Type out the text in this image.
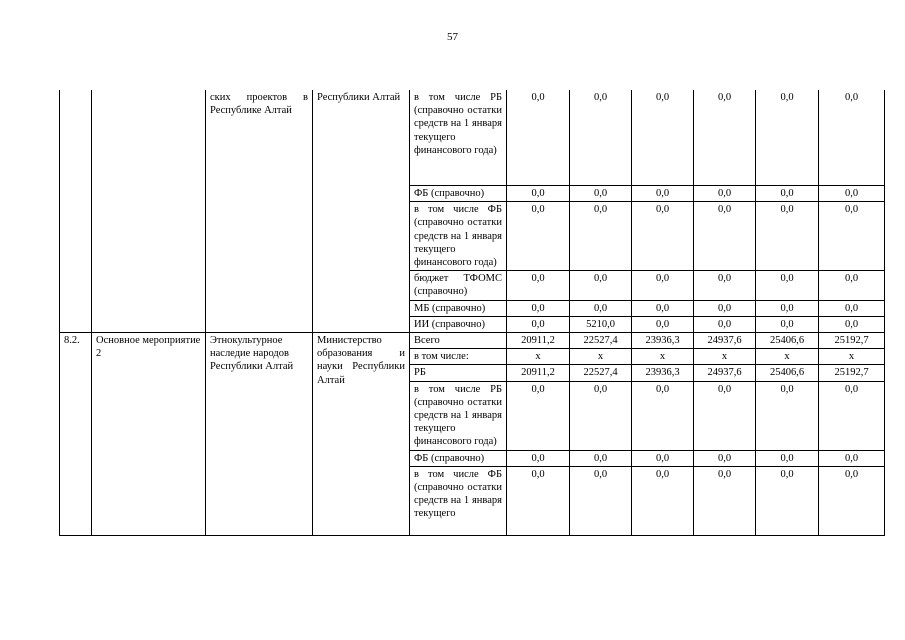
57
		ских проектов в Республике Алтай	Республики Алтай	в том числе РБ (справочно остатки средств на 1 января текущего финансового года)	0,0	0,0	0,0	0,0	0,0	0,0
				ФБ (справочно)	0,0	0,0	0,0	0,0	0,0	0,0
				в том числе ФБ (справочно остатки средств на 1 января текущего финансового года)	0,0	0,0	0,0	0,0	0,0	0,0
				бюджет ТФОМС (справочно)	0,0	0,0	0,0	0,0	0,0	0,0
				МБ (справочно)	0,0	0,0	0,0	0,0	0,0	0,0
				ИИ (справочно)	0,0	5210,0	0,0	0,0	0,0	0,0
8.2.	Основное мероприятие 2	Этнокультурное наследие народов Республики Алтай	Министерство образования и науки Республики Алтай	Всего	20911,2	22527,4	23936,3	24937,6	25406,6	25192,7
				в том числе:	х	х	х	х	х	х
				РБ	20911,2	22527,4	23936,3	24937,6	25406,6	25192,7
				в том числе РБ (справочно остатки средств на 1 января текущего финансового года)	0,0	0,0	0,0	0,0	0,0	0,0
				ФБ (справочно)	0,0	0,0	0,0	0,0	0,0	0,0
				в том числе ФБ (справочно остатки средств на 1 января текущего	0,0	0,0	0,0	0,0	0,0	0,0
